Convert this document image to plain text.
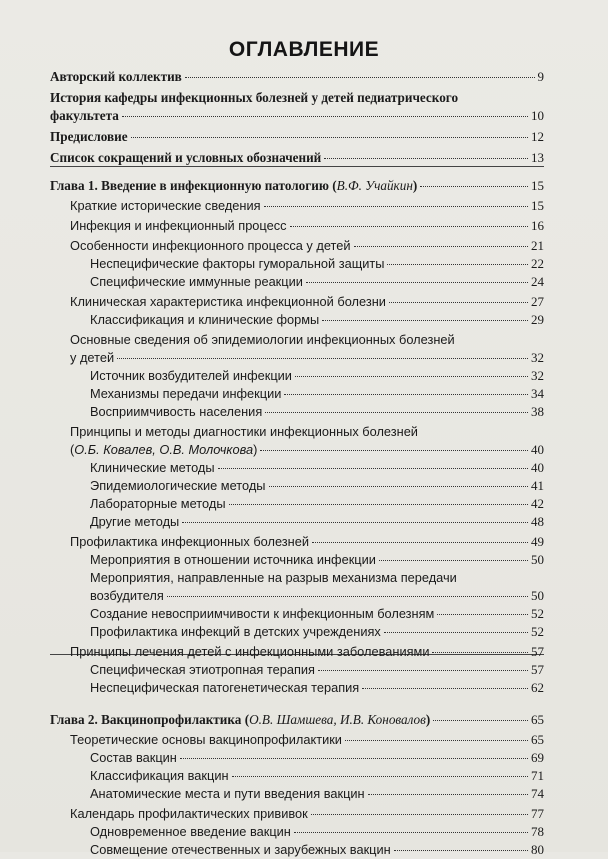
ОГЛАВЛЕНИЕ
Авторский коллектив	9
История кафедры инфекционных болезней у детей педиатрического
факультета	10
Предисловие	12
Список сокращений и условных обозначений	13
Глава 1. Введение в инфекционную патологию (В.Ф. Учайкин)	15
Краткие исторические сведения	15
Инфекция и инфекционный процесс	16
Особенности инфекционного процесса у детей	21
Неспецифические факторы гуморальной защиты	22
Специфические иммунные реакции	24
Клиническая характеристика инфекционной болезни	27
Классификация и клинические формы	29
Основные сведения об эпидемиологии инфекционных болезней
у детей	32
Источник возбудителей инфекции	32
Механизмы передачи инфекции	34
Восприимчивость населения	38
Принципы и методы диагностики инфекционных болезней
(О.Б. Ковалев, О.В. Молочкова)	40
Клинические методы	40
Эпидемиологические методы	41
Лабораторные методы	42
Другие методы	48
Профилактика инфекционных болезней	49
Мероприятия в отношении источника инфекции	50
Мероприятия, направленные на разрыв механизма передачи
возбудителя	50
Создание невосприимчивости к инфекционным болезням	52
Профилактика инфекций в детских учреждениях	52
Принципы лечения детей с инфекционными заболеваниями	57
Специфическая этиотропная терапия	57
Неспецифическая патогенетическая терапия	62
Глава 2. Вакцинопрофилактика (О.В. Шамшева, И.В. Коновалов)	65
Теоретические основы вакцинопрофилактики	65
Состав вакцин	69
Классификация вакцин	71
Анатомические места и пути введения вакцин	74
Календарь профилактических прививок	77
Одновременное введение вакцин	78
Совмещение отечественных и зарубежных вакцин	80
